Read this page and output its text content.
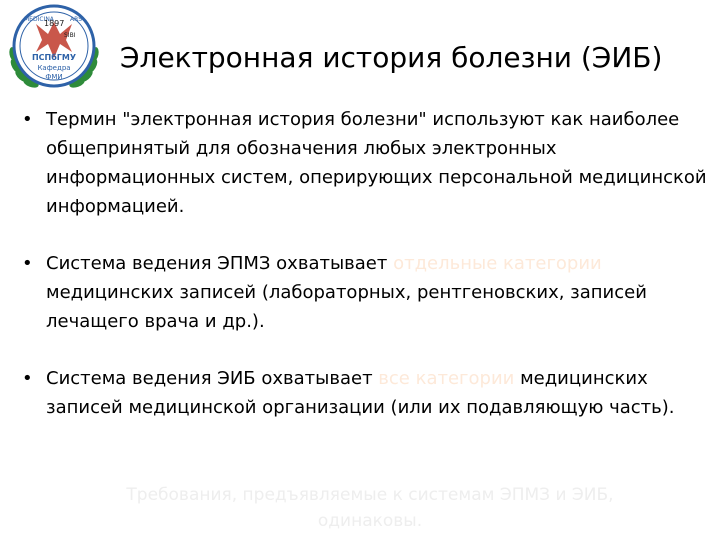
MEDICINA	ARS
1897
SIBI
ПСПбГМУ
Кафедра
ФМИ
Электронная история болезни (ЭИБ)
• Термин "электронная история болезни" используют как наиболее общепринятый для обозначения любых электронных информационных систем, оперирующих персональной медицинской информацией.
• Система ведения ЭПМЗ охватывает отдельные категории медицинских записей (лабораторных, рентгеновских, записей лечащего врача и др.).
• Система ведения ЭИБ охватывает все категории медицинских записей медицинской организации (или их подавляющую часть).
Требования, предъявляемые к системам ЭПМЗ и ЭИБ, одинаковы.
